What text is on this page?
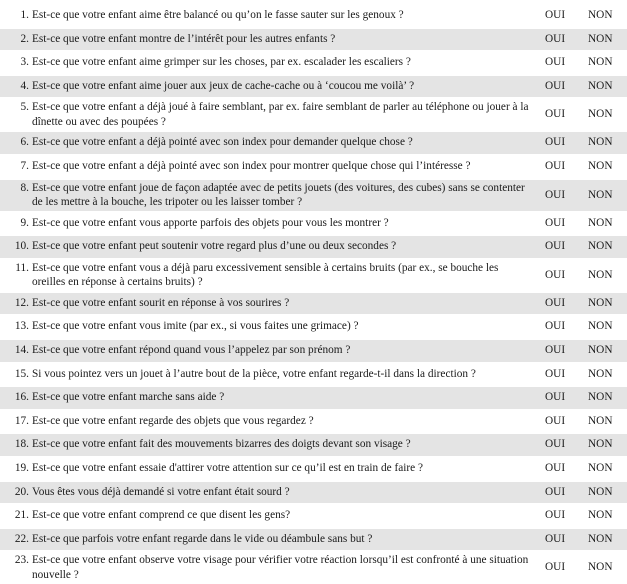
1. Est-ce que votre enfant aime être balancé ou qu’on le fasse sauter sur les genoux ?	OUI	NON
2. Est-ce que votre enfant montre de l’intérêt pour les autres enfants ?	OUI	NON
3. Est-ce que votre enfant aime grimper sur les choses, par ex. escalader les escaliers ?	OUI	NON
4. Est-ce que votre enfant aime jouer aux jeux de cache-cache ou à ‘coucou me voilà’ ?	OUI	NON
5. Est-ce que votre enfant a déjà joué à faire semblant, par ex. faire semblant de parler au téléphone ou jouer à la dînette ou avec des poupées ?
OUI	NON
6. Est-ce que votre enfant a déjà pointé avec son index pour demander quelque chose ?	OUI	NON
7. Est-ce que votre enfant a déjà pointé avec son index pour montrer quelque chose qui l’intéresse ?	OUI	NON
8. Est-ce que votre enfant joue de façon adaptée avec de petits jouets (des voitures, des cubes) sans se contenter de les mettre à la bouche, les tripoter ou les laisser tomber ?
OUI	NON
9. Est-ce que votre enfant vous apporte parfois des objets pour vous les montrer ?	OUI	NON
10. Est-ce que votre enfant peut soutenir votre regard plus d’une ou deux secondes ?	OUI	NON
11. Est-ce que votre enfant vous a déjà paru excessivement sensible à certains bruits (par ex., se bouche les oreilles en réponse à certains bruits) ?
OUI	NON
12. Est-ce que votre enfant sourit en réponse à vos sourires ?	OUI	NON
13. Est-ce que votre enfant vous imite (par ex., si vous faites une grimace) ?	OUI	NON
14. Est-ce que votre enfant répond quand vous l’appelez par son prénom ?	OUI	NON
15. Si vous pointez vers un jouet à l’autre bout de la pièce, votre enfant regarde-t-il dans la direction ?	OUI	NON
16. Est-ce que votre enfant marche sans aide ?	OUI	NON
17. Est-ce que votre enfant regarde des objets que vous regardez ?	OUI	NON
18. Est-ce que votre enfant fait des mouvements bizarres des doigts devant son visage ?	OUI	NON
19. Est-ce que votre enfant essaie d'attirer votre attention sur ce qu’il est en train de faire ?	OUI	NON
20. Vous êtes vous déjà demandé si votre enfant était sourd ?	OUI	NON
21. Est-ce que votre enfant comprend ce que disent les gens?	OUI	NON
22. Est-ce que parfois votre enfant regarde dans le vide ou déambule sans but ?	OUI	NON
23. Est-ce que votre enfant observe votre visage pour vérifier votre réaction lorsqu’il est confronté à une situation nouvelle ?
OUI	NON
